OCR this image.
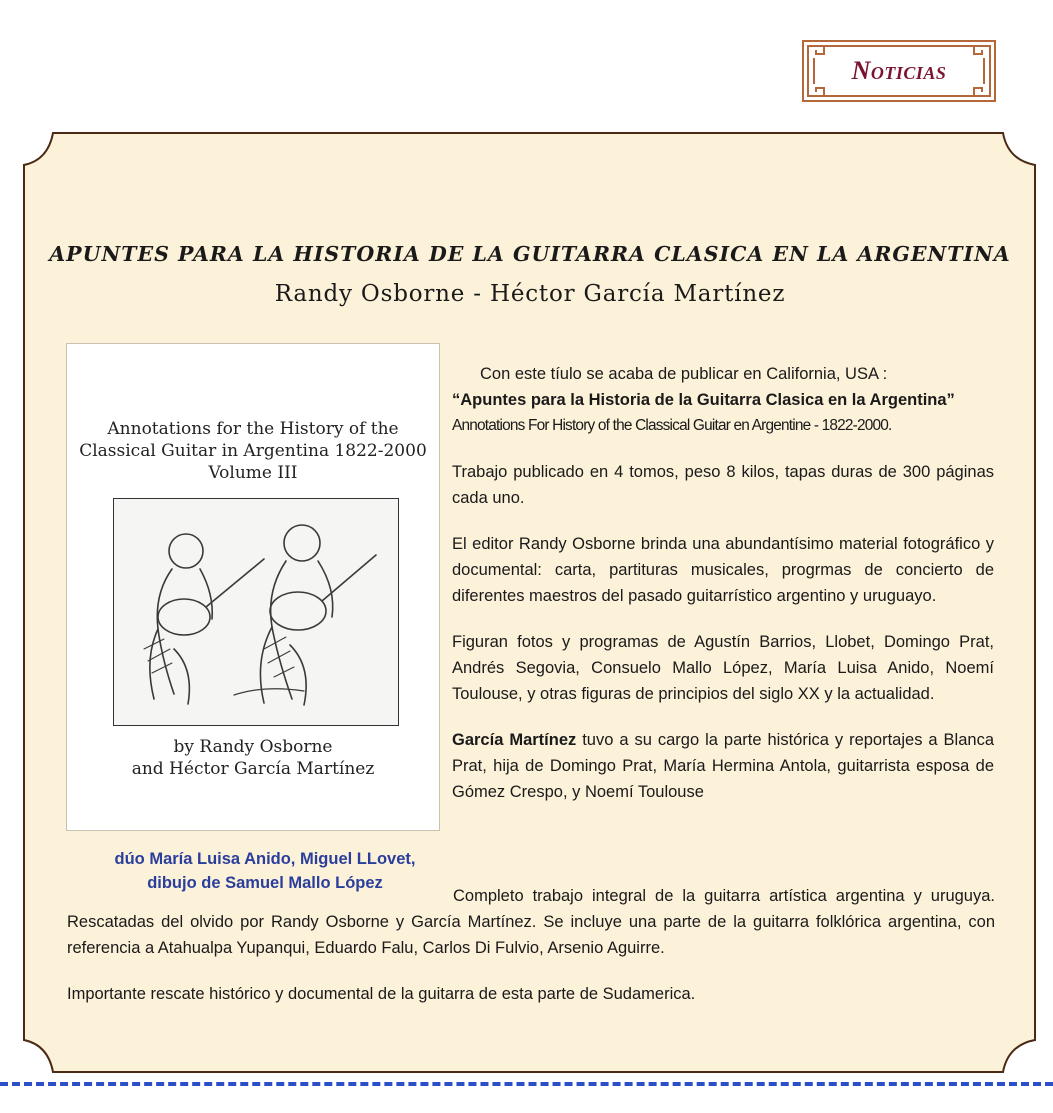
Noticias
APUNTES PARA LA HISTORIA DE LA GUITARRA CLASICA EN LA ARGENTINA
Randy Osborne - Héctor García Martínez
Annotations for the History of the
Classical Guitar in Argentina 1822-2000
Volume III
by Randy Osborne
and Héctor García Martínez
dúo María Luisa Anido, Miguel LLovet,
dibujo de Samuel Mallo López

Con este tíulo se acaba de publicar en California, USA :
“Apuntes para la Historia de la Guitarra Clasica en la Argentina”
Annotations For History of the Classical Guitar en Argentine - 1822-2000.

Trabajo publicado en 4 tomos, peso 8 kilos, tapas duras de 300 páginas cada uno.

El editor Randy Osborne brinda una abundantísimo material fotográfico y documental: carta, partituras musicales, progrmas de concierto de diferentes maestros del pasado guitarrístico argentino y uruguayo.

Figuran fotos y programas de Agustín Barrios, Llobet, Domingo Prat, Andrés Segovia, Consuelo Mallo López, María Luisa Anido, Noemí Toulouse, y otras figuras de principios del siglo XX y la actualidad.

García Martínez tuvo a su cargo la parte histórica y reportajes a Blanca Prat, hija de Domingo Prat, María Hermina Antola, guitarrista esposa de Gómez Crespo, y Noemí Toulouse

Completo trabajo integral de la guitarra artística argentina y uruguya. Rescatadas del olvido por Randy Osborne y García Martínez. Se incluye una parte de la guitarra folklórica argentina, con referencia a Atahualpa Yupanqui, Eduardo Falu, Carlos Di Fulvio, Arsenio Aguirre.

Importante rescate histórico y documental de la guitarra de esta parte de Sudamerica.
